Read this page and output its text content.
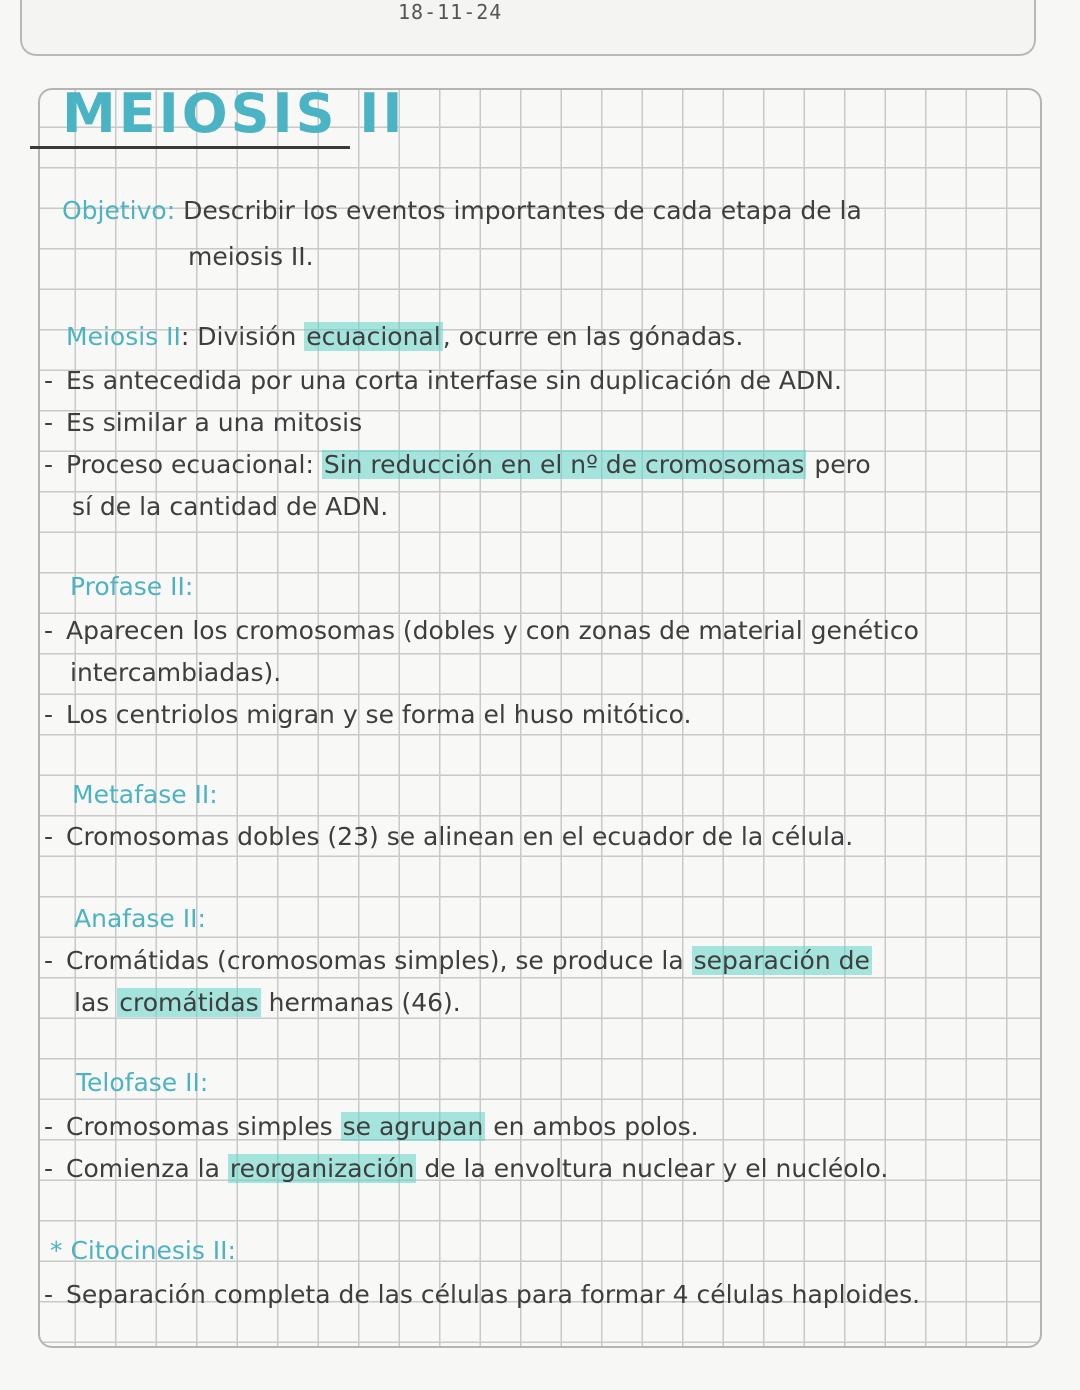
18-11-24
MEIOSIS II
Objetivo: Describir los eventos importantes de cada etapa de la
meiosis II.
Meiosis II: División ecuacional, ocurre en las gónadas.
- Es antecedida por una corta interfase sin duplicación de ADN.
- Es similar a una mitosis
- Proceso ecuacional: Sin reducción en el nº de cromosomas pero
sí de la cantidad de ADN.
Profase II:
- Aparecen los cromosomas (dobles y con zonas de material genético
intercambiadas).
- Los centriolos migran y se forma el huso mitótico.
Metafase II:
- Cromosomas dobles (23) se alinean en el ecuador de la célula.
Anafase II:
- Cromátidas (cromosomas simples), se produce la separación de
las cromátidas hermanas (46).
Telofase II:
- Cromosomas simples se agrupan en ambos polos.
- Comienza la reorganización de la envoltura nuclear y el nucléolo.
* Citocinesis II:
- Separación completa de las células para formar 4 células haploides.
